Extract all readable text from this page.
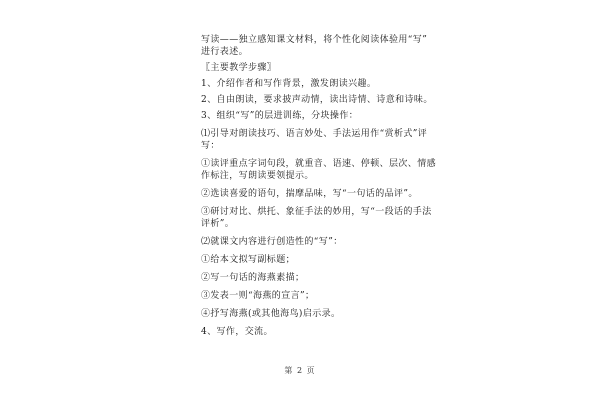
写读——独立感知课文材料，将个性化阅读体验用“写”
进行表述。
〖主要教学步骤〗
1、介绍作者和写作背景，激发朗读兴趣。
2、自由朗读，要求披声动情，读出诗情、诗意和诗味。
3、组织“写”的层进训练，分块操作：
⑴引导对朗读技巧、语言妙处、手法运用作“赏析式”评
写：
①读评重点字词句段，就重音、语速、停顿、层次、情感
作标注，写朗读要领提示。
②选读喜爱的语句，揣摩品味，写“一句话的品评”。
③研讨对比、烘托、象征手法的妙用，写“一段话的手法
评析”。
⑵就课文内容进行创造性的“写”：
①给本文拟写副标题；
②写一句话的海燕素描；
③发表一则“海燕的宣言”；
④抒写海燕(或其他海鸟)启示录。
4、写作，交流。
第 2 页
